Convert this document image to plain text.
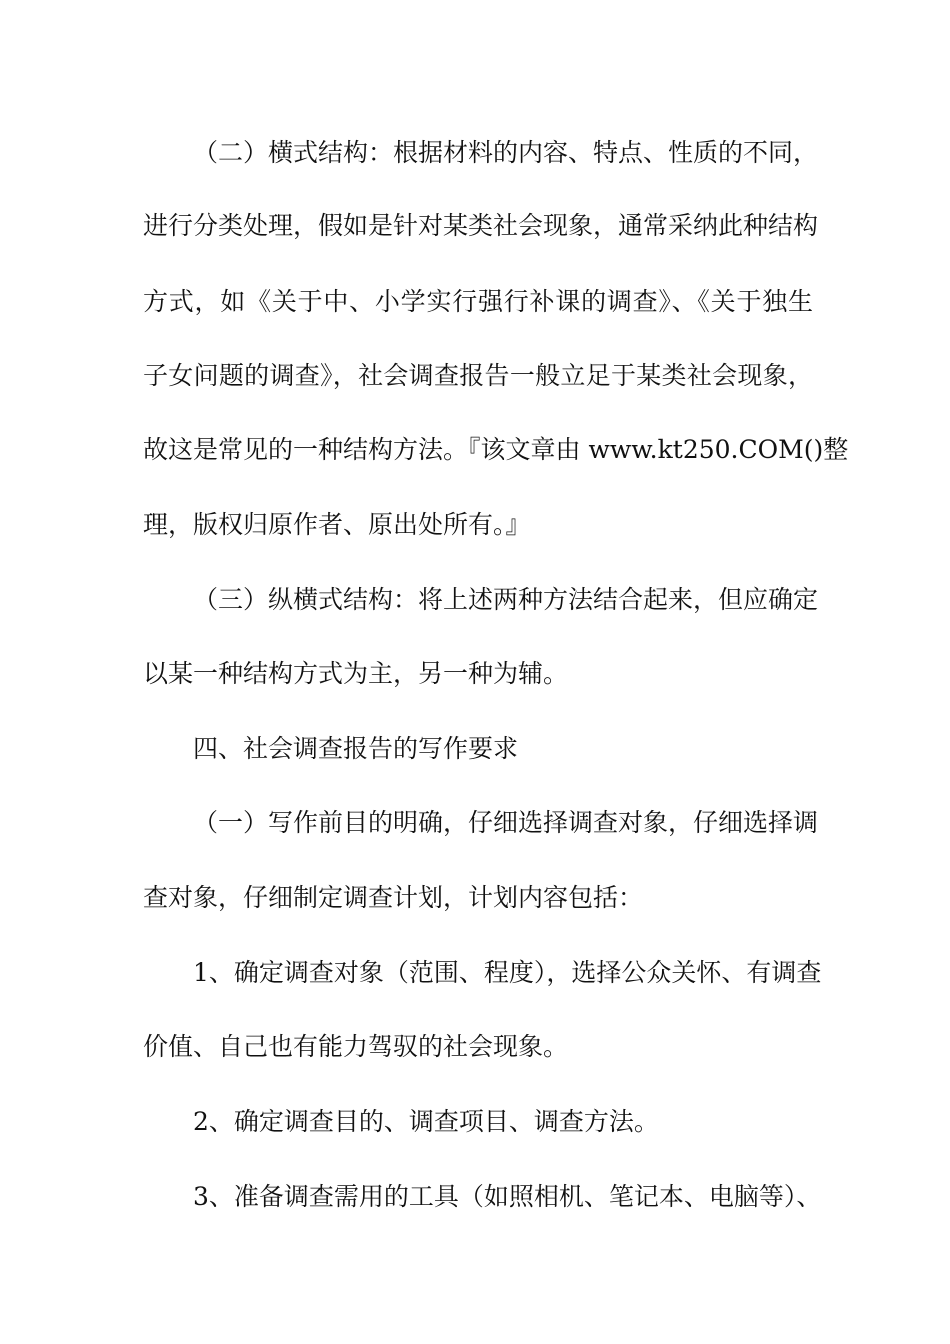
（二）横式结构：根据材料的内容、特点、性质的不同，
进行分类处理，假如是针对某类社会现象，通常采纳此种结构
方式，如《关于中、小学实行强行补课的调查》、《关于独生
子女问题的调查》，社会调查报告一般立足于某类社会现象，
故这是常见的一种结构方法。『该文章由 www.kt250.COM()整
理，版权归原作者、原出处所有。』
（三）纵横式结构：将上述两种方法结合起来，但应确定
以某一种结构方式为主，另一种为辅。
四、社会调查报告的写作要求
（一）写作前目的明确，仔细选择调查对象，仔细选择调
查对象，仔细制定调查计划，计划内容包括：
1、确定调查对象（范围、程度），选择公众关怀、有调查
价值、自己也有能力驾驭的社会现象。
2、确定调查目的、调查项目、调查方法。
3、准备调查需用的工具（如照相机、笔记本、电脑等）、
